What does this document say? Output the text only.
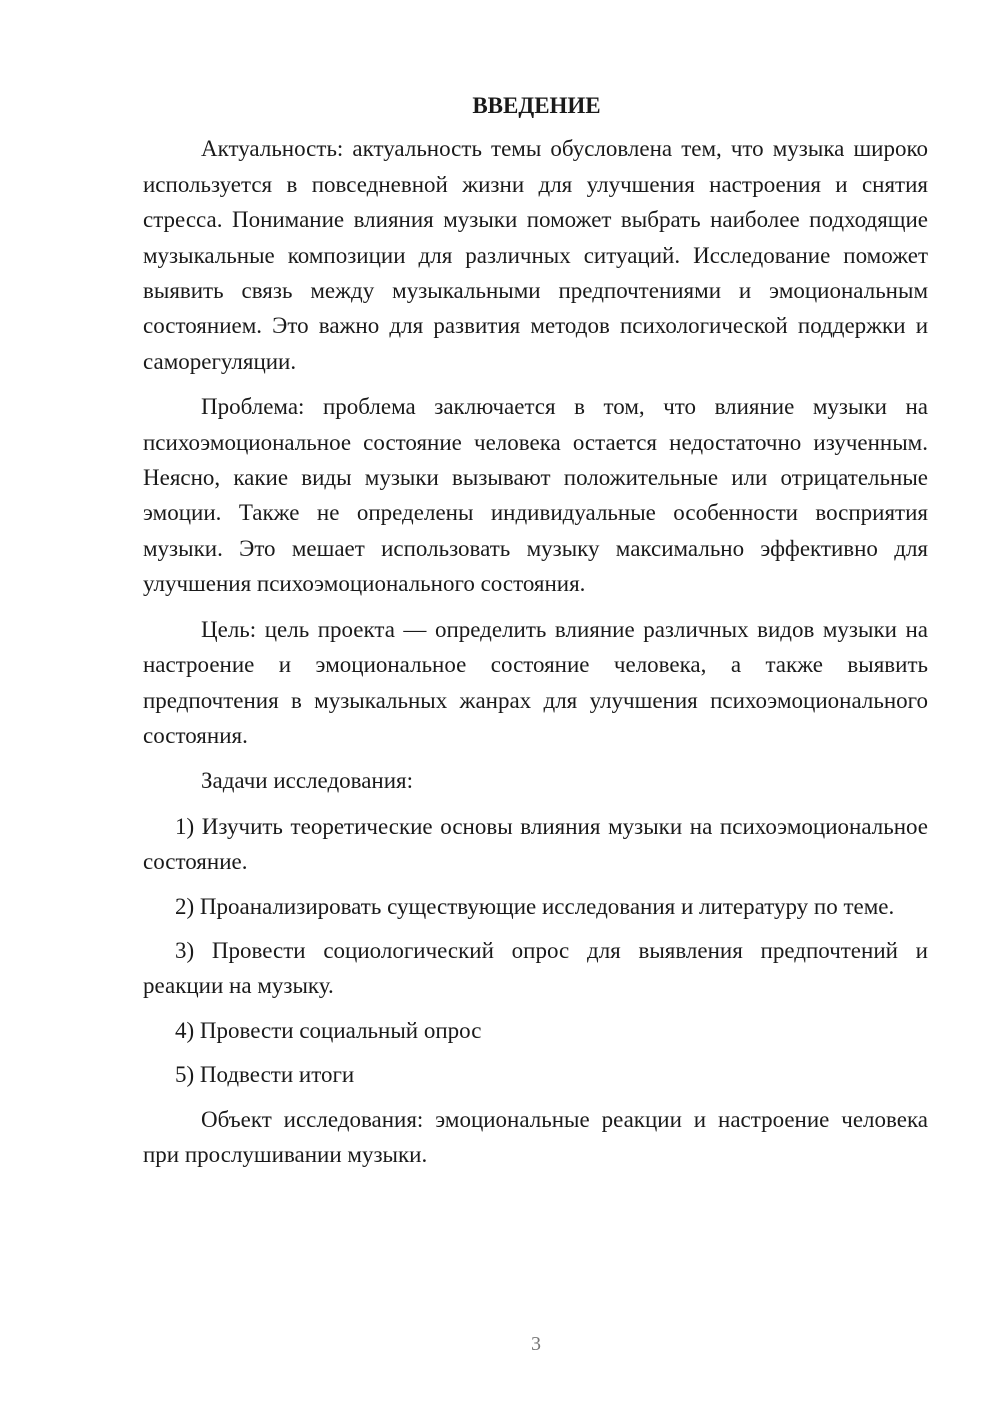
ВВЕДЕНИЕ

Актуальность: актуальность темы обусловлена тем, что музыка широко используется в повседневной жизни для улучшения настроения и снятия стресса. Понимание влияния музыки поможет выбрать наиболее подходящие музыкальные композиции для различных ситуаций. Исследование поможет выявить связь между музыкальными предпочтениями и эмоциональным состоянием. Это важно для развития методов психологической поддержки и саморегуляции.

Проблема: проблема заключается в том, что влияние музыки на психоэмоциональное состояние человека остается недостаточно изученным. Неясно, какие виды музыки вызывают положительные или отрицательные эмоции. Также не определены индивидуальные особенности восприятия музыки. Это мешает использовать музыку максимально эффективно для улучшения психоэмоционального состояния.

Цель: цель проекта — определить влияние различных видов музыки на настроение и эмоциональное состояние человека, а также выявить предпочтения в музыкальных жанрах для улучшения психоэмоционального состояния.

Задачи исследования:

1) Изучить теоретические основы влияния музыки на психоэмоциональное состояние.

2) Проанализировать существующие исследования и литературу по теме.

3) Провести социологический опрос для выявления предпочтений и реакции на музыку.

4) Провести социальный опрос

5) Подвести итоги

Объект исследования: эмоциональные реакции и настроение человека при прослушивании музыки.

3
